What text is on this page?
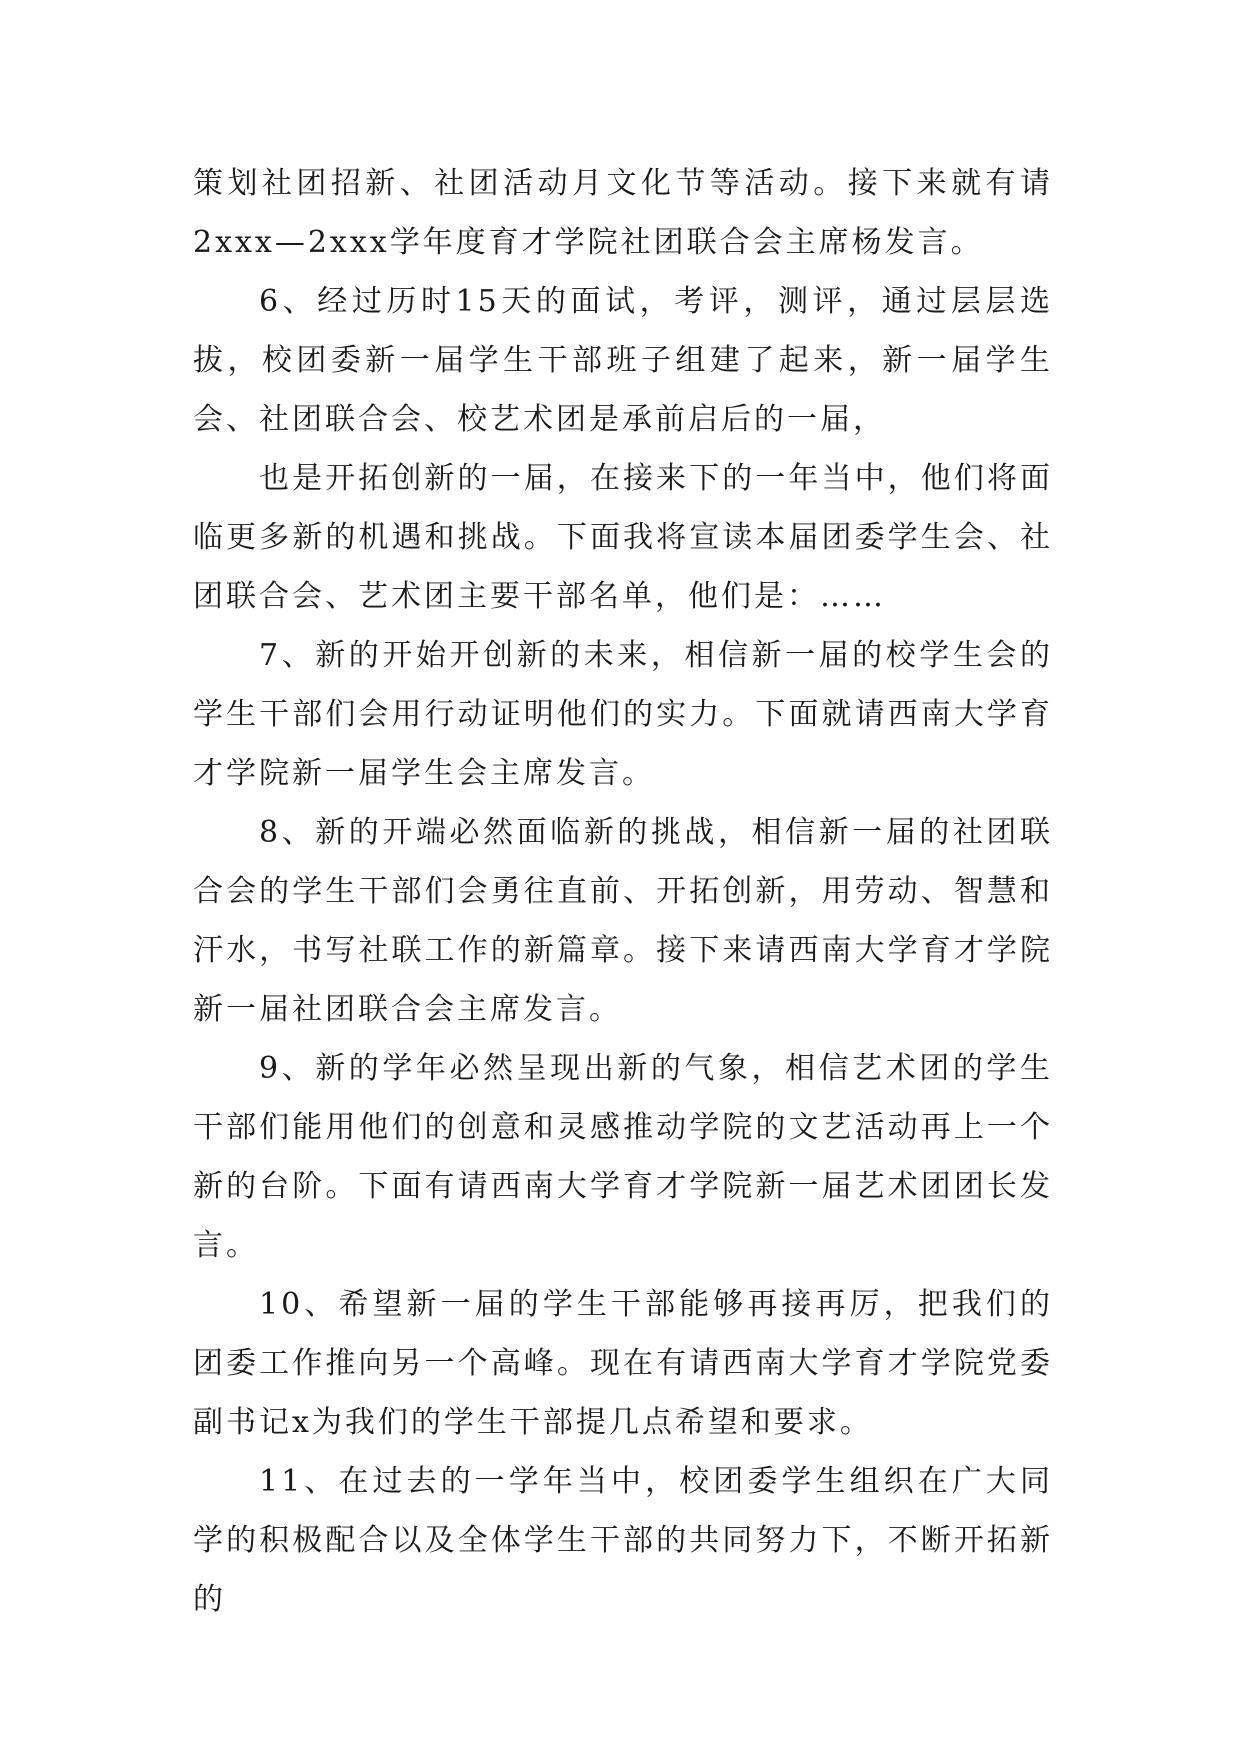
策划社团招新、社团活动月文化节等活动。接下来就有请2xxx—2xxx学年度育才学院社团联合会主席杨发言。

6、经过历时15天的面试，考评，测评，通过层层选拔，校团委新一届学生干部班子组建了起来，新一届学生会、社团联合会、校艺术团是承前启后的一届，

也是开拓创新的一届，在接来下的一年当中，他们将面临更多新的机遇和挑战。下面我将宣读本届团委学生会、社团联合会、艺术团主要干部名单，他们是：……

7、新的开始开创新的未来，相信新一届的校学生会的学生干部们会用行动证明他们的实力。下面就请西南大学育才学院新一届学生会主席发言。

8、新的开端必然面临新的挑战，相信新一届的社团联合会的学生干部们会勇往直前、开拓创新，用劳动、智慧和汗水，书写社联工作的新篇章。接下来请西南大学育才学院新一届社团联合会主席发言。

9、新的学年必然呈现出新的气象，相信艺术团的学生干部们能用他们的创意和灵感推动学院的文艺活动再上一个新的台阶。下面有请西南大学育才学院新一届艺术团团长发言。

10、希望新一届的学生干部能够再接再厉，把我们的团委工作推向另一个高峰。现在有请西南大学育才学院党委副书记x为我们的学生干部提几点希望和要求。

11、在过去的一学年当中，校团委学生组织在广大同学的积极配合以及全体学生干部的共同努力下，不断开拓新的
